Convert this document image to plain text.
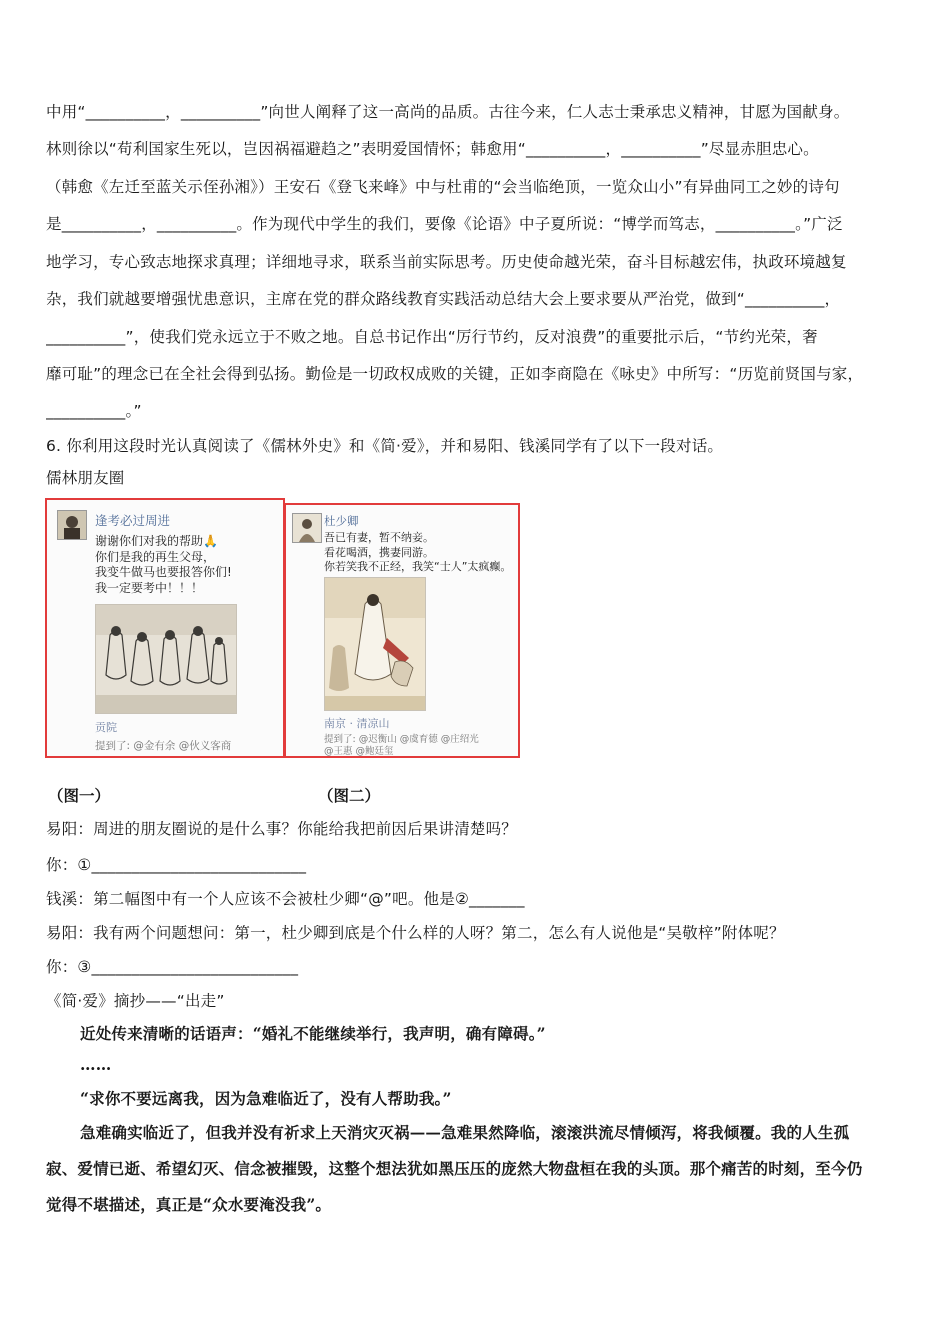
中用“__________，__________”向世人阐释了这一高尚的品质。古往今来，仁人志士秉承忠义精神，甘愿为国献身。
林则徐以“苟利国家生死以，岂因祸福避趋之”表明爱国情怀；韩愈用“__________，__________”尽显赤胆忠心。
（韩愈《左迁至蓝关示侄孙湘》）王安石《登飞来峰》中与杜甫的“会当临绝顶，一览众山小”有异曲同工之妙的诗句
是__________，__________。作为现代中学生的我们，要像《论语》中子夏所说：“博学而笃志，__________。”广泛
地学习，专心致志地探求真理；详细地寻求，联系当前实际思考。历史使命越光荣，奋斗目标越宏伟，执政环境越复
杂，我们就越要增强忧患意识，主席在党的群众路线教育实践活动总结大会上要求要从严治党，做到“__________，
__________”，使我们党永远立于不败之地。自总书记作出“厉行节约，反对浪费”的重要批示后，“节约光荣，奢
靡可耻”的理念已在全社会得到弘扬。勤俭是一切政权成败的关键，正如李商隐在《咏史》中所写：“历览前贤国与家，
__________。”
6. 你利用这段时光认真阅读了《儒林外史》和《简·爱》，并和易阳、钱溪同学有了以下一段对话。
儒林朋友圈
逢考必过周进
谢谢你们对我的帮助🙏
你们是我的再生父母，
我变牛做马也要报答你们!
我一定要考中！！！
贡院
提到了: @金有余 @伙义客商
杜少卿
吾已有妻，暂不纳妾。
看花喝酒，携妻同游。
你若笑我不正经，我笑“士人”太疯癫。
南京 · 清凉山
提到了: @迟衡山 @虞育德 @庄绍光
@王惠 @鲍廷玺
（图一）	（图二）
易阳：周进的朋友圈说的是什么事？你能给我把前因后果讲清楚吗？
你：①___________________________
钱溪：第二幅图中有一个人应该不会被杜少卿“@”吧。他是②_______
易阳：我有两个问题想问：第一，杜少卿到底是个什么样的人呀？第二，怎么有人说他是“吴敬梓”附体呢？
你：③__________________________
《简·爱》摘抄——“出走”
近处传来清晰的话语声：“婚礼不能继续举行，我声明，确有障碍。”
……
“求你不要远离我，因为急难临近了，没有人帮助我。”
急难确实临近了，但我并没有祈求上天消灾灭祸——急难果然降临，滚滚洪流尽情倾泻，将我倾覆。我的人生孤
寂、爱情已逝、希望幻灭、信念被摧毁，这整个想法犹如黑压压的庞然大物盘桓在我的头顶。那个痛苦的时刻，至今仍
觉得不堪描述，真正是“众水要淹没我”。
